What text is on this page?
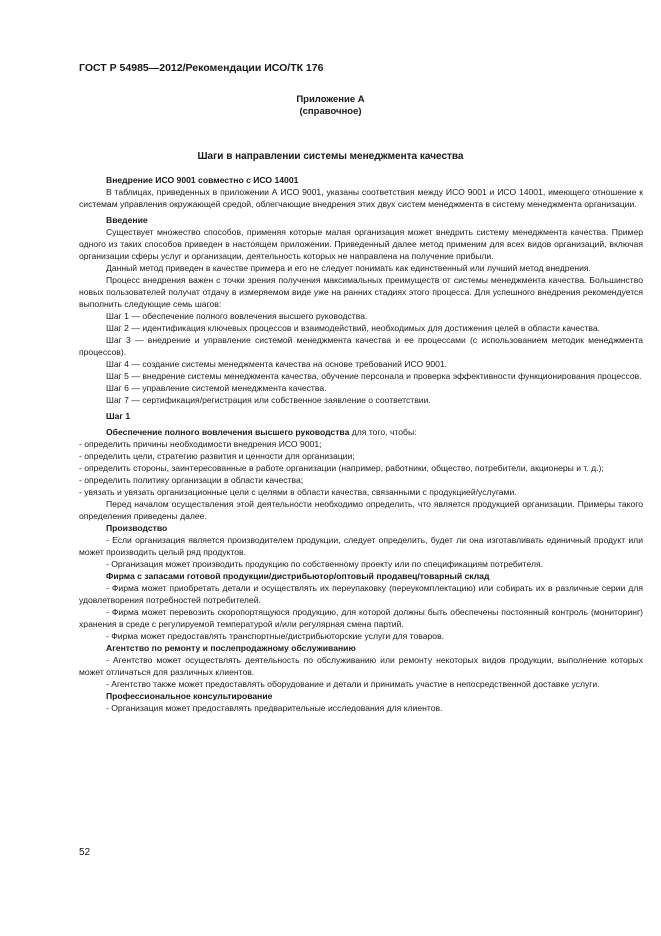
ГОСТ Р 54985—2012/Рекомендации ИСО/ТК 176
Приложение А
(справочное)
Шаги в направлении системы менеджмента качества

Внедрение ИСО 9001 совместно с ИСО 14001

В таблицах, приведенных в приложении А ИСО 9001, указаны соответствия между ИСО 9001 и ИСО 14001, имеющего отношение к системам управления окружающей средой, облегчающие внедрения этих двух систем менеджмента в систему менеджмента организации.

Введение

Существует множество способов, применяя которые малая организация может внедрить систему менеджмента качества. Пример одного из таких способов приведен в настоящем приложении. Приведенный далее метод применим для всех видов организаций, включая организации сферы услуг и организации, деятельность которых не направлена на получение прибыли.

Данный метод приведен в качестве примера и его не следует понимать как единственный или лучший метод внедрения.

Процесс внедрения важен с точки зрения получения максимальных преимуществ от системы менеджмента качества. Большинство новых пользователей получат отдачу в измеряемом виде уже на ранних стадиях этого процесса. Для успешного внедрения рекомендуется выполнить следующие семь шагов:

Шаг 1 — обеспечение полного вовлечения высшего руководства.

Шаг 2 — идентификация ключевых процессов и взаимодействий, необходимых для достижения целей в области качества.

Шаг 3 — внедрение и управление системой менеджмента качества и ее процессами (с использованием методик менеджмента процессов).

Шаг 4 — создание системы менеджмента качества на основе требований ИСО 9001.

Шаг 5 — внедрение системы менеджмента качества, обучение персонала и проверка эффективности функционирования процессов.

Шаг 6 — управление системой менеджмента качества.

Шаг 7 — сертификация/регистрация или собственное заявление о соответствии.

Шаг 1

Обеспечение полного вовлечения высшего руководства для того, чтобы:

- определить причины необходимости внедрения ИСО 9001;

- определить цели, стратегию развития и ценности для организации;

- определить стороны, заинтересованные в работе организации (например, работники, общество, потребители, акционеры и т. д.);

- определить политику организации в области качества;

- увязать и увязать организационные цели с целями в области качества, связанными с продукцией/услугами.

Перед началом осуществления этой деятельности необходимо определить, что является продукцией организации. Примеры такого определения приведены далее.

Производство

- Если организация является производителем продукции, следует определить, будет ли она изготавливать единичный продукт или может производить целый ряд продуктов.

- Организация может производить продукцию по собственному проекту или по спецификациям потребителя.

Фирма с запасами готовой продукции/дистрибьютор/оптовый продавец/товарный склад

- Фирма может приобретать детали и осуществлять их переупаковку (переукомплектацию) или собирать их в различные серии для удовлетворения потребностей потребителей.

- Фирма может перевозить скоропортящуюся продукцию, для которой должны быть обеспечены постоянный контроль (мониторинг) хранения в среде с регулируемой температурой и/или регулярная смена партий.

- Фирма может предоставлять транспортные/дистрибьюторские услуги для товаров.

Агентство по ремонту и послепродажному обслуживанию

- Агентство может осуществлять деятельность по обслуживанию или ремонту некоторых видов продукции, выполнение которых может отличаться для различных клиентов.

- Агентство также может предоставлять оборудование и детали и принимать участие в непосредственной доставке услуги.

Профессиональное консультирование

- Организация может предоставлять предварительные исследования для клиентов.

52
